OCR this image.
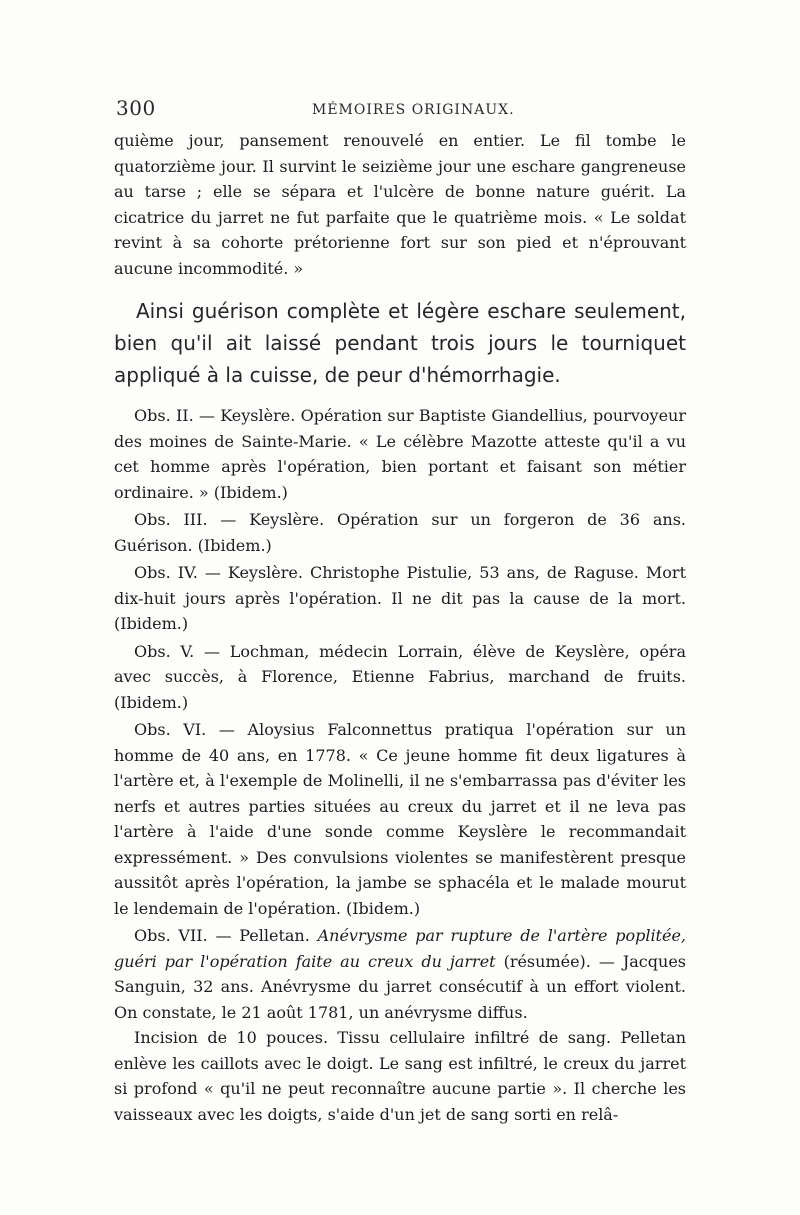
300	MÉMOIRES ORIGINAUX.

quième jour, pansement renouvelé en entier. Le fil tombe le quatorzième jour. Il survint le seizième jour une eschare gangreneuse au tarse ; elle se sépara et l'ulcère de bonne nature guérit. La cicatrice du jarret ne fut parfaite que le quatrième mois. « Le soldat revint à sa cohorte prétorienne fort sur son pied et n'éprouvant aucune incommodité. »

Ainsi guérison complète et légère eschare seulement, bien qu'il ait laissé pendant trois jours le tourniquet appliqué à la cuisse, de peur d'hémorrhagie.

Obs. II. — Keyslère. Opération sur Baptiste Giandellius, pourvoyeur des moines de Sainte-Marie. « Le célèbre Mazotte atteste qu'il a vu cet homme après l'opération, bien portant et faisant son métier ordinaire. » (Ibidem.)

Obs. III. — Keyslère. Opération sur un forgeron de 36 ans. Guérison. (Ibidem.)

Obs. IV. — Keyslère. Christophe Pistulie, 53 ans, de Raguse. Mort dix-huit jours après l'opération. Il ne dit pas la cause de la mort. (Ibidem.)

Obs. V. — Lochman, médecin Lorrain, élève de Keyslère, opéra avec succès, à Florence, Etienne Fabrius, marchand de fruits. (Ibidem.)

Obs. VI. — Aloysius Falconnettus pratiqua l'opération sur un homme de 40 ans, en 1778. « Ce jeune homme fit deux ligatures à l'artère et, à l'exemple de Molinelli, il ne s'embarrassa pas d'éviter les nerfs et autres parties situées au creux du jarret et il ne leva pas l'artère à l'aide d'une sonde comme Keyslère le recommandait expressément. » Des convulsions violentes se manifestèrent presque aussitôt après l'opération, la jambe se sphacéla et le malade mourut le lendemain de l'opération. (Ibidem.)

Obs. VII. — Pelletan. Anévrysme par rupture de l'artère poplitée, guéri par l'opération faite au creux du jarret (résumée). — Jacques Sanguin, 32 ans. Anévrysme du jarret consécutif à un effort violent. On constate, le 21 août 1781, un anévrysme diffus.

Incision de 10 pouces. Tissu cellulaire infiltré de sang. Pelletan enlève les caillots avec le doigt. Le sang est infiltré, le creux du jarret si profond « qu'il ne peut reconnaître aucune partie ». Il cherche les vaisseaux avec les doigts, s'aide d'un jet de sang sorti en relâ-
